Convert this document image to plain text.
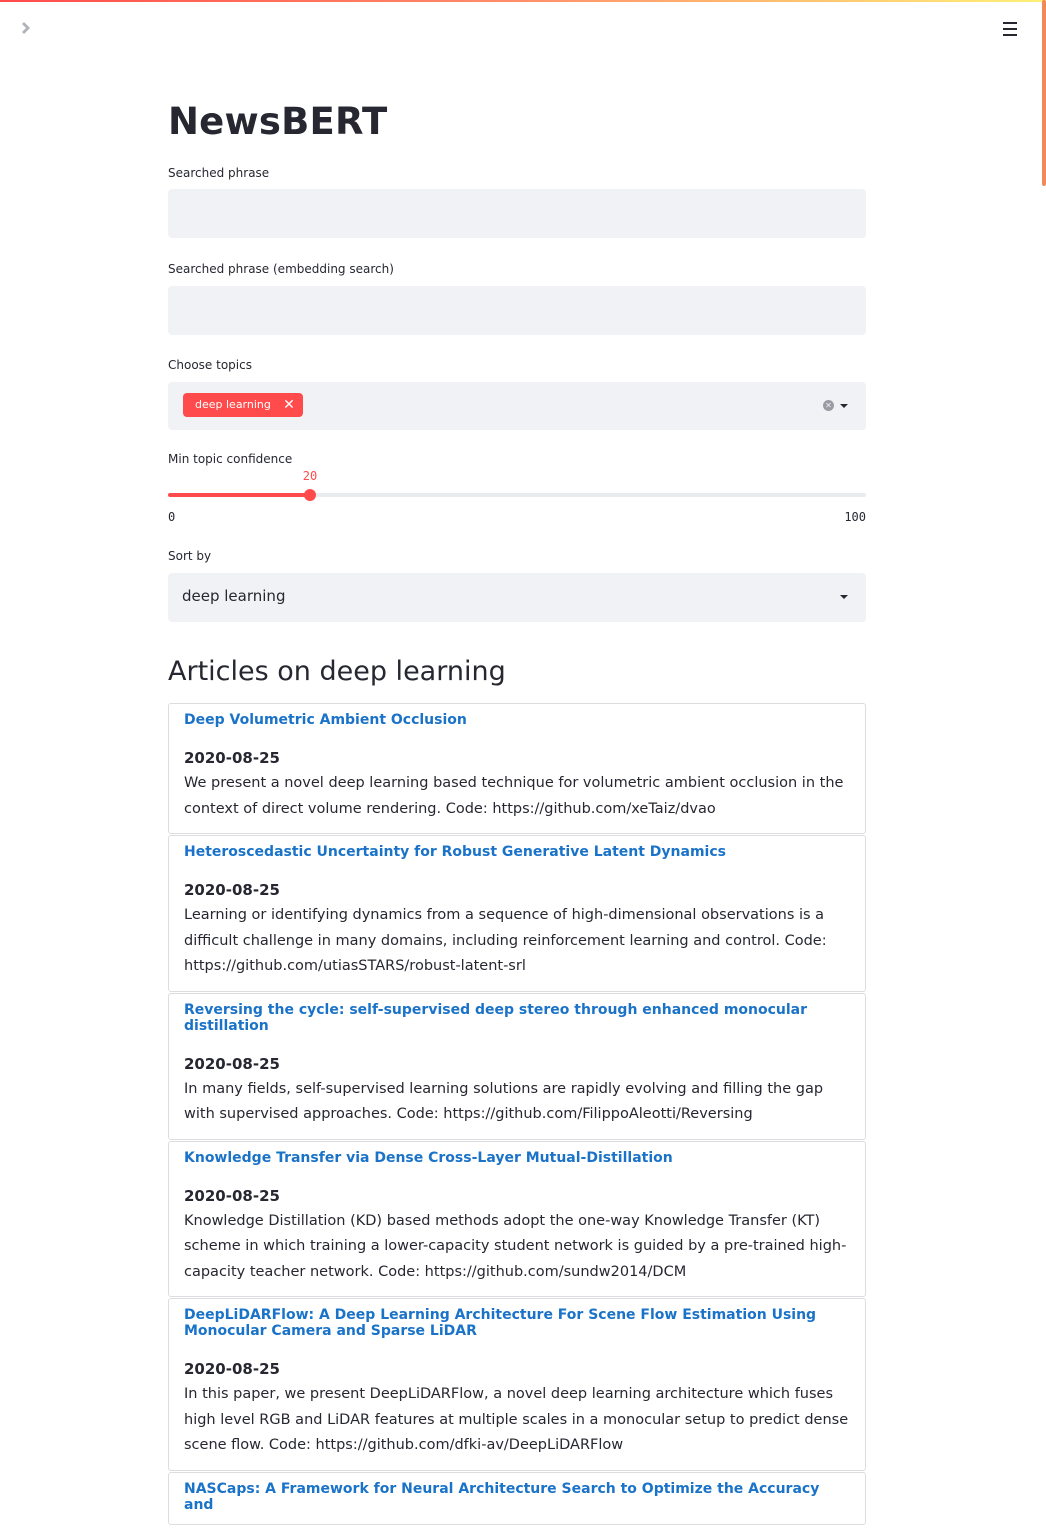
NewsBERT
Searched phrase
Searched phrase (embedding search)
Choose topics
deep learning ✕	✕
Min topic confidence
20
0	100
Sort by
deep learning
Articles on deep learning
Deep Volumetric Ambient Occlusion
2020-08-25
We present a novel deep learning based technique for volumetric ambient occlusion in the context of direct volume rendering. Code: https://github.com/xeTaiz/dvao
Heteroscedastic Uncertainty for Robust Generative Latent Dynamics
2020-08-25
Learning or identifying dynamics from a sequence of high-dimensional observations is a difficult challenge in many domains, including reinforcement learning and control. Code: https://github.com/utiasSTARS/robust-latent-srl
Reversing the cycle: self-supervised deep stereo through enhanced monocular distillation
2020-08-25
In many fields, self-supervised learning solutions are rapidly evolving and filling the gap with supervised approaches. Code: https://github.com/FilippoAleotti/Reversing
Knowledge Transfer via Dense Cross-Layer Mutual-Distillation
2020-08-25
Knowledge Distillation (KD) based methods adopt the one-way Knowledge Transfer (KT) scheme in which training a lower-capacity student network is guided by a pre-trained high-capacity teacher network. Code: https://github.com/sundw2014/DCM
DeepLiDARFlow: A Deep Learning Architecture For Scene Flow Estimation Using Monocular Camera and Sparse LiDAR
2020-08-25
In this paper, we present DeepLiDARFlow, a novel deep learning architecture which fuses high level RGB and LiDAR features at multiple scales in a monocular setup to predict dense scene flow. Code: https://github.com/dfki-av/DeepLiDARFlow
NASCaps: A Framework for Neural Architecture Search to Optimize the Accuracy and
